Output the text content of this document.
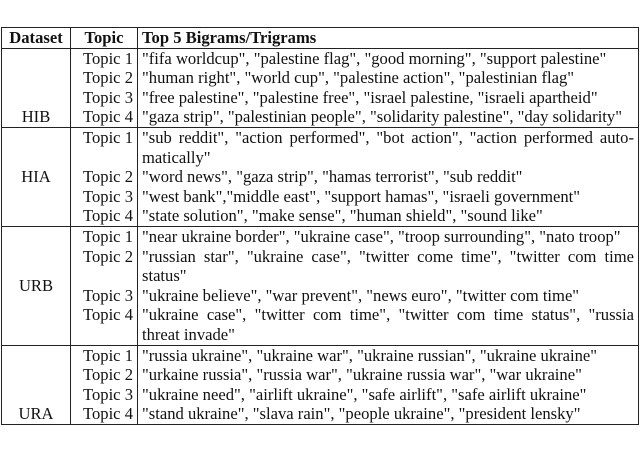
Dataset	Topic	Top 5 Bigrams/Trigrams
HIB	Topic 1	"fifa worldcup", "palestine flag", "good morning", "support palestine"
	Topic 2	"human right", "world cup", "palestine action", "palestinian flag"
	Topic 3	"free palestine", "palestine free", "israel palestine, "israeli apartheid"
	Topic 4	"gaza strip", "palestinian people", "solidarity palestine", "day solidarity"
HIA	Topic 1	"sub reddit", "action performed", "bot action", "action performed automatically"
	Topic 2	"word news", "gaza strip", "hamas terrorist", "sub reddit"
	Topic 3	"west bank","middle east", "support hamas", "israeli government"
	Topic 4	"state solution", "make sense", "human shield", "sound like"
URB	Topic 1	"near ukraine border", "ukraine case", "troop surrounding", "nato troop"
	Topic 2	"russian star", "ukraine case", "twitter come time", "twitter com time status"
	Topic 3	"ukraine believe", "war prevent", "news euro", "twitter com time"
	Topic 4	"ukraine case", "twitter com time", "twitter com time status", "russia threat invade"
URA	Topic 1	"russia ukraine", "ukraine war", "ukraine russian", "ukraine ukraine"
	Topic 2	"urkaine russia", "russia war", "ukraine russia war", "war ukraine"
	Topic 3	"ukraine need", "airlift ukraine", "safe airlift", "safe airlift ukraine"
	Topic 4	"stand ukraine", "slava rain", "people ukraine", "president lensky"
